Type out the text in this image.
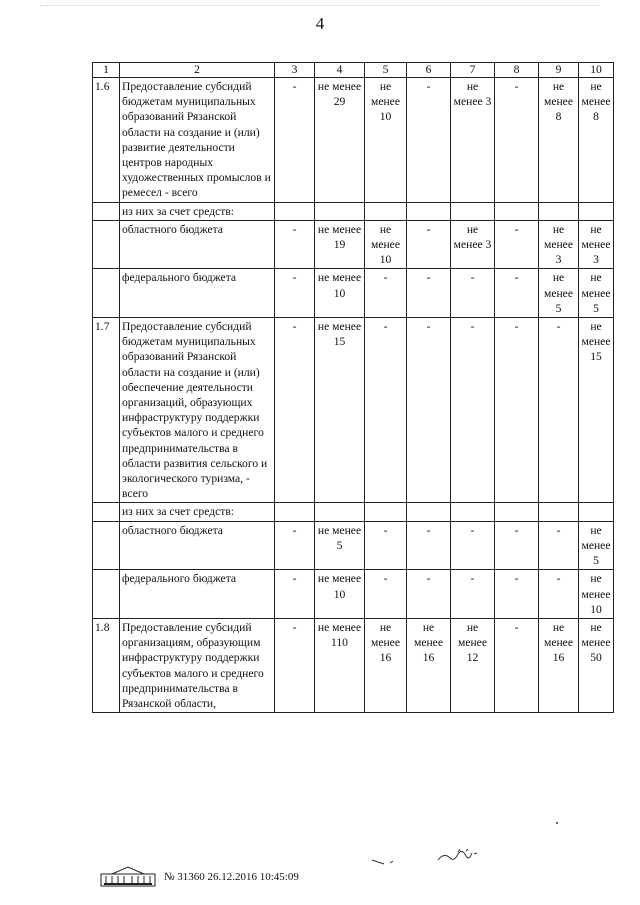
4
1	2	3	4	5	6	7	8	9	10
1.6	Предоставление субсидий бюджетам муниципальных образований Рязанской области на создание и (или) развитие деятельности центров народных художественных промыслов и ремесел - всего	-	не менее 29	не менее 10	-	не менее 3	-	не менее 8	не менее 8
	из них за счет средств:								
	областного бюджета	-	не менее 19	не менее 10	-	не менее 3	-	не менее 3	не менее 3
	федерального бюджета	-	не менее 10	-	-	-	-	не менее 5	не менее 5
1.7	Предоставление субсидий бюджетам муниципальных образований Рязанской области на создание и (или) обеспечение деятельности организаций, образующих инфраструктуру поддержки субъектов малого и среднего предпринимательства в области развития сельского и экологического туризма, - всего	-	не менее 15	-	-	-	-	-	не менее 15
	из них за счет средств:								
	областного бюджета	-	не менее 5	-	-	-	-	-	не менее 5
	федерального бюджета	-	не менее 10	-	-	-	-	-	не менее 10
1.8	Предоставление субсидий организациям, образующим инфраструктуру поддержки субъектов малого и среднего предпринимательства в Рязанской области,	-	не менее 110	не менее 16	не менее 16	не менее 12	-	не менее 16	не менее 50
№ 31360 26.12.2016 10:45:09
